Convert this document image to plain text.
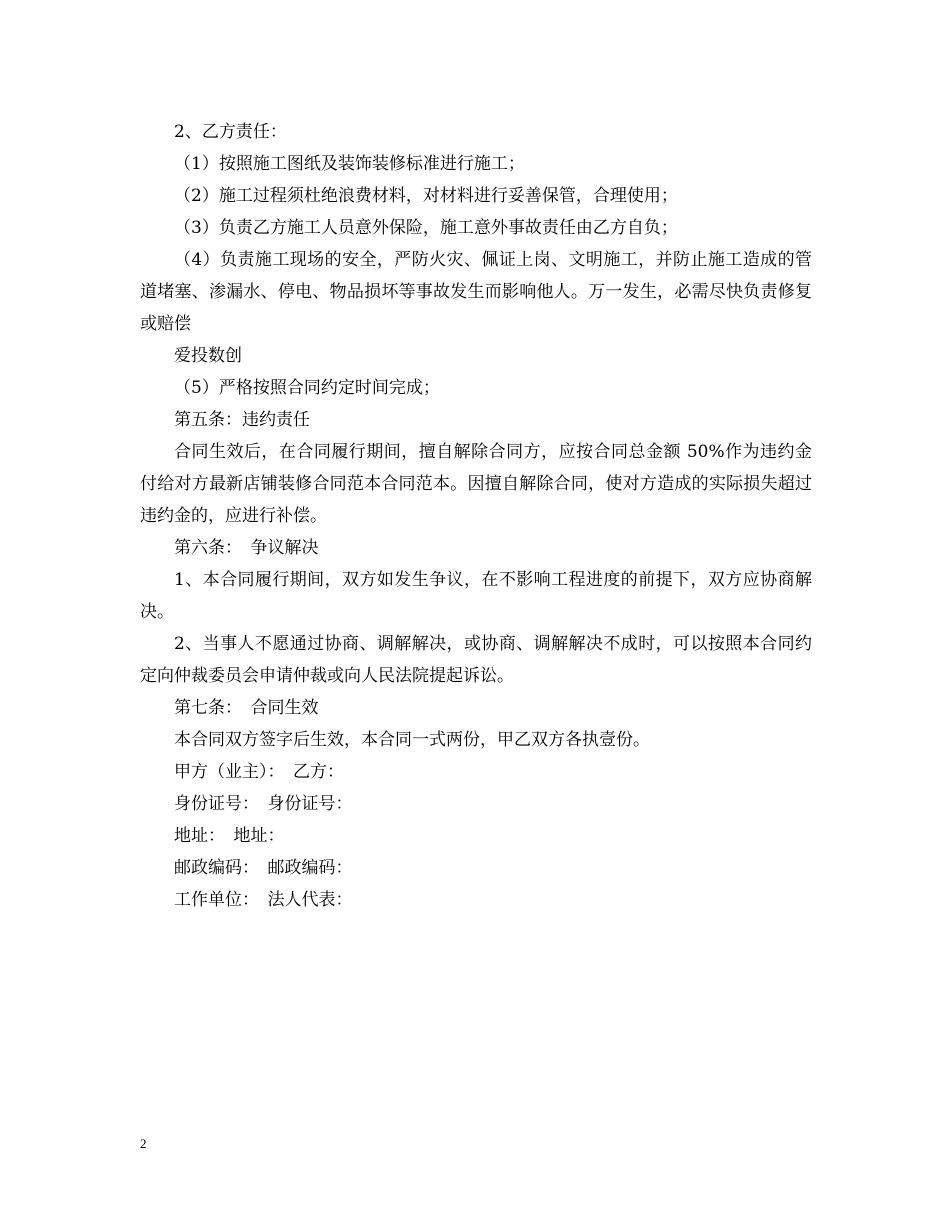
2、乙方责任：

（1）按照施工图纸及装饰装修标准进行施工；

（2）施工过程须杜绝浪费材料，对材料进行妥善保管，合理使用；

（3）负责乙方施工人员意外保险，施工意外事故责任由乙方自负；

（4）负责施工现场的安全，严防火灾、佩证上岗、文明施工，并防止施工造成的管道堵塞、渗漏水、停电、物品损坏等事故发生而影响他人。万一发生，必需尽快负责修复或赔偿

爱投数创

（5）严格按照合同约定时间完成；

第五条：违约责任

合同生效后，在合同履行期间，擅自解除合同方，应按合同总金额 50%作为违约金付给对方最新店铺装修合同范本合同范本。因擅自解除合同，使对方造成的实际损失超过违约金的，应进行补偿。

第六条：　争议解决

1、本合同履行期间，双方如发生争议，在不影响工程进度的前提下，双方应协商解决。

2、当事人不愿通过协商、调解解决，或协商、调解解决不成时，可以按照本合同约定向仲裁委员会申请仲裁或向人民法院提起诉讼。

第七条：　合同生效

本合同双方签字后生效，本合同一式两份，甲乙双方各执壹份。

甲方（业主）：　乙方：

身份证号：　身份证号：

地址：　地址：

邮政编码：　邮政编码：

工作单位：　法人代表：

2
